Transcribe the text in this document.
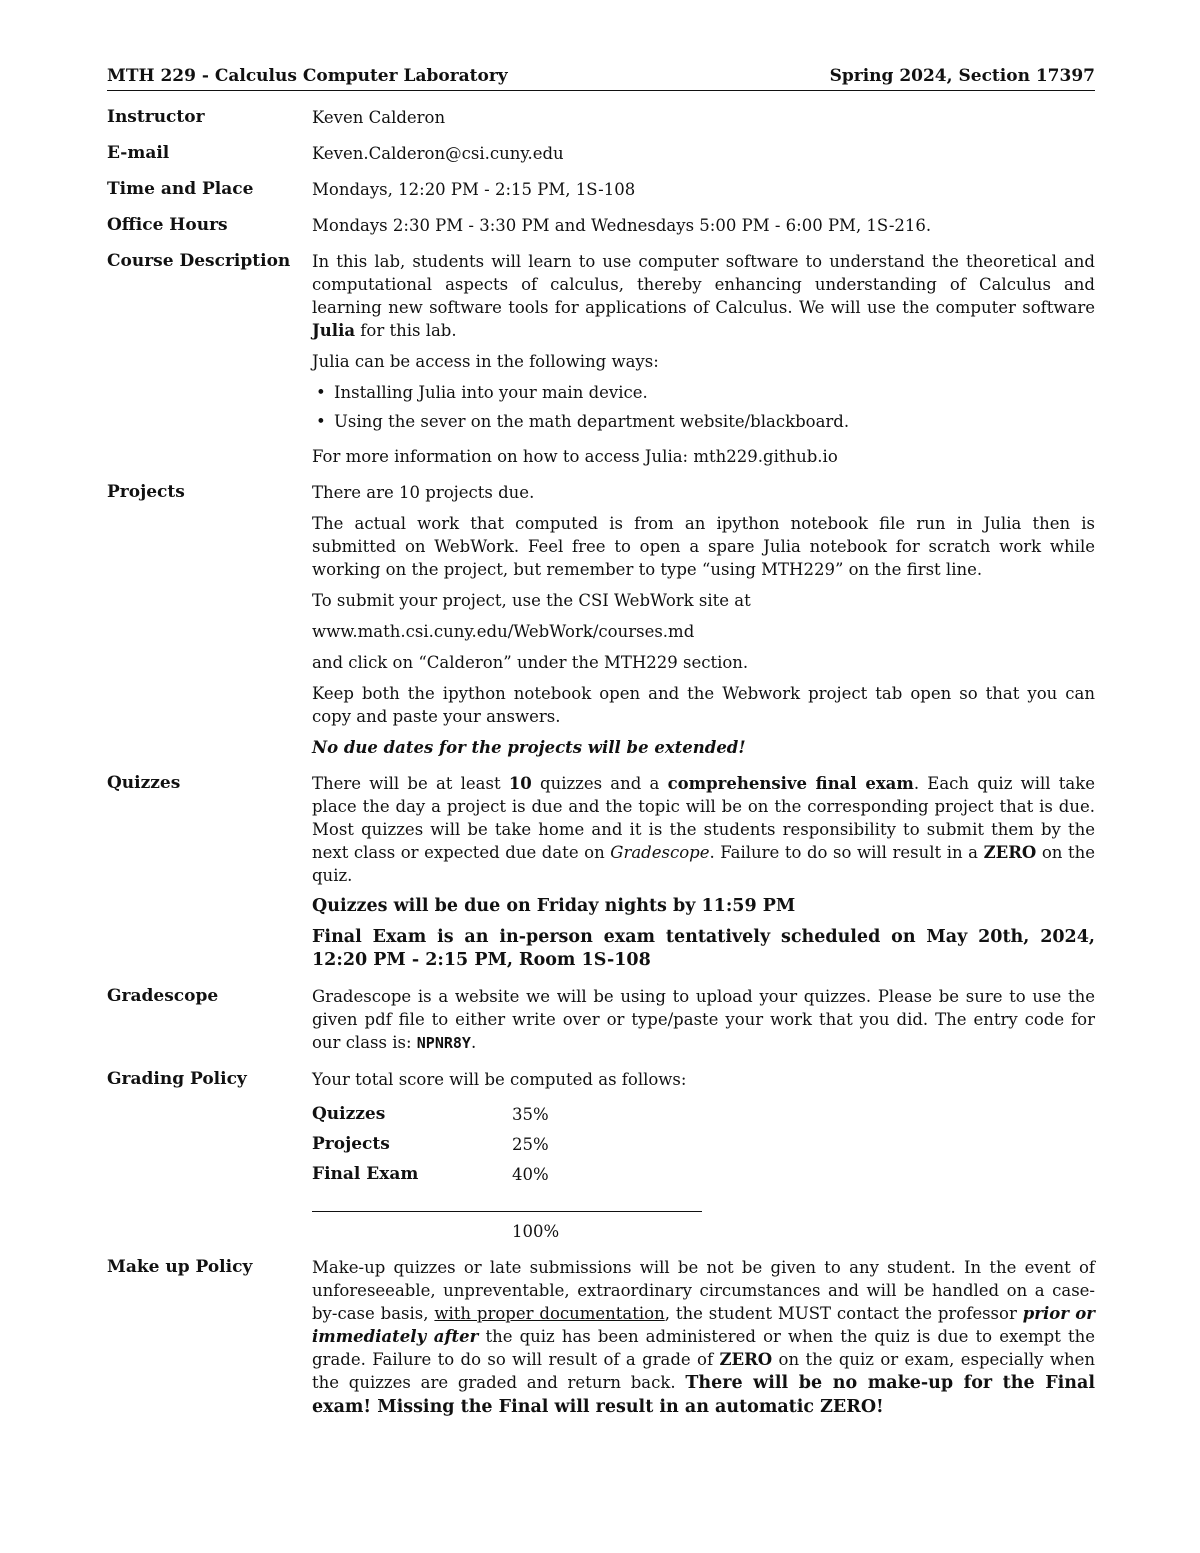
MTH 229 - Calculus Computer Laboratory	Spring 2024, Section 17397
Instructor	Keven Calderon
E-mail	Keven.Calderon@csi.cuny.edu
Time and Place	Mondays, 12:20 PM - 2:15 PM, 1S-108
Office Hours	Mondays 2:30 PM - 3:30 PM and Wednesdays 5:00 PM - 6:00 PM, 1S-216.
Course Description	In this lab, students will learn to use computer software to understand the theoretical and computational aspects of calculus, thereby enhancing understanding of Calculus and learning new software tools for applications of Calculus. We will use the computer software Julia for this lab.

Julia can be access in the following ways:

• Installing Julia into your main device.
• Using the sever on the math department website/blackboard.

For more information on how to access Julia: mth229.github.io

Projects	There are 10 projects due.

The actual work that computed is from an ipython notebook file run in Julia then is submitted on WebWork. Feel free to open a spare Julia notebook for scratch work while working on the project, but remember to type “using MTH229” on the first line.

To submit your project, use the CSI WebWork site at

www.math.csi.cuny.edu/WebWork/courses.md

and click on “Calderon” under the MTH229 section.

Keep both the ipython notebook open and the Webwork project tab open so that you can copy and paste your answers.

No due dates for the projects will be extended!

Quizzes	There will be at least 10 quizzes and a comprehensive final exam. Each quiz will take place the day a project is due and the topic will be on the corresponding project that is due. Most quizzes will be take home and it is the students responsibility to submit them by the next class or expected due date on Gradescope. Failure to do so will result in a ZERO on the quiz.

Quizzes will be due on Friday nights by 11:59 PM

Final Exam is an in-person exam tentatively scheduled on May 20th, 2024, 12:20 PM - 2:15 PM, Room 1S-108

Gradescope	Gradescope is a website we will be using to upload your quizzes. Please be sure to use the given pdf file to either write over or type/paste your work that you did. The entry code for our class is: NPNR8Y.

Grading Policy	Your total score will be computed as follows:

Quizzes	35%
Projects	25%
Final Exam	40%
100%
Make up Policy	Make-up quizzes or late submissions will be not be given to any student. In the event of unforeseeable, unpreventable, extraordinary circumstances and will be handled on a case-by-case basis, with proper documentation, the student MUST contact the professor prior or immediately after the quiz has been administered or when the quiz is due to exempt the grade. Failure to do so will result of a grade of ZERO on the quiz or exam, especially when the quizzes are graded and return back. There will be no make-up for the Final exam! Missing the Final will result in an automatic ZERO!
